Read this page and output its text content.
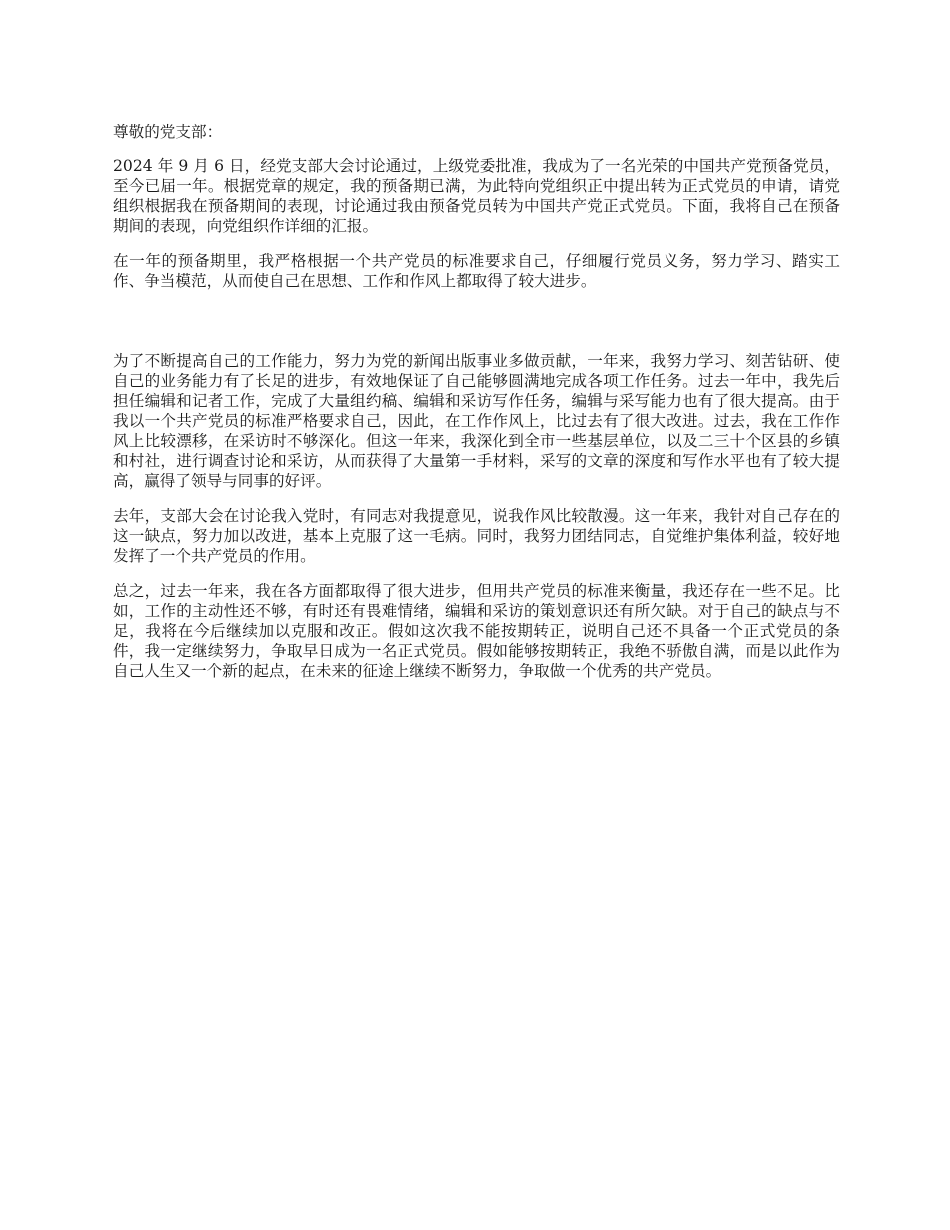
尊敬的党支部：

2024 年 9 月 6 日，经党支部大会讨论通过，上级党委批准，我成为了一名光荣的中国共产党预备党员，至今已届一年。根据党章的规定，我的预备期已满，为此特向党组织正中提出转为正式党员的申请，请党组织根据我在预备期间的表现，讨论通过我由预备党员转为中国共产党正式党员。下面，我将自己在预备期间的表现，向党组织作详细的汇报。

在一年的预备期里，我严格根据一个共产党员的标准要求自己，仔细履行党员义务，努力学习、踏实工作、争当模范，从而使自己在思想、工作和作风上都取得了较大进步。

为了不断提高自己的工作能力，努力为党的新闻出版事业多做贡献，一年来，我努力学习、刻苦钻研、使自己的业务能力有了长足的进步，有效地保证了自己能够圆满地完成各项工作任务。过去一年中，我先后担任编辑和记者工作，完成了大量组约稿、编辑和采访写作任务，编辑与采写能力也有了很大提高。由于我以一个共产党员的标准严格要求自己，因此，在工作作风上，比过去有了很大改进。过去，我在工作作风上比较漂移，在采访时不够深化。但这一年来，我深化到全市一些基层单位，以及二三十个区县的乡镇和村社，进行调查讨论和采访，从而获得了大量第一手材料，采写的文章的深度和写作水平也有了较大提高，赢得了领导与同事的好评。

去年，支部大会在讨论我入党时，有同志对我提意见，说我作风比较散漫。这一年来，我针对自己存在的这一缺点，努力加以改进，基本上克服了这一毛病。同时，我努力团结同志，自觉维护集体利益，较好地发挥了一个共产党员的作用。

总之，过去一年来，我在各方面都取得了很大进步，但用共产党员的标准来衡量，我还存在一些不足。比如，工作的主动性还不够，有时还有畏难情绪，编辑和采访的策划意识还有所欠缺。对于自己的缺点与不足，我将在今后继续加以克服和改正。假如这次我不能按期转正，说明自己还不具备一个正式党员的条件，我一定继续努力，争取早日成为一名正式党员。假如能够按期转正，我绝不骄傲自满，而是以此作为自己人生又一个新的起点，在未来的征途上继续不断努力，争取做一个优秀的共产党员。
